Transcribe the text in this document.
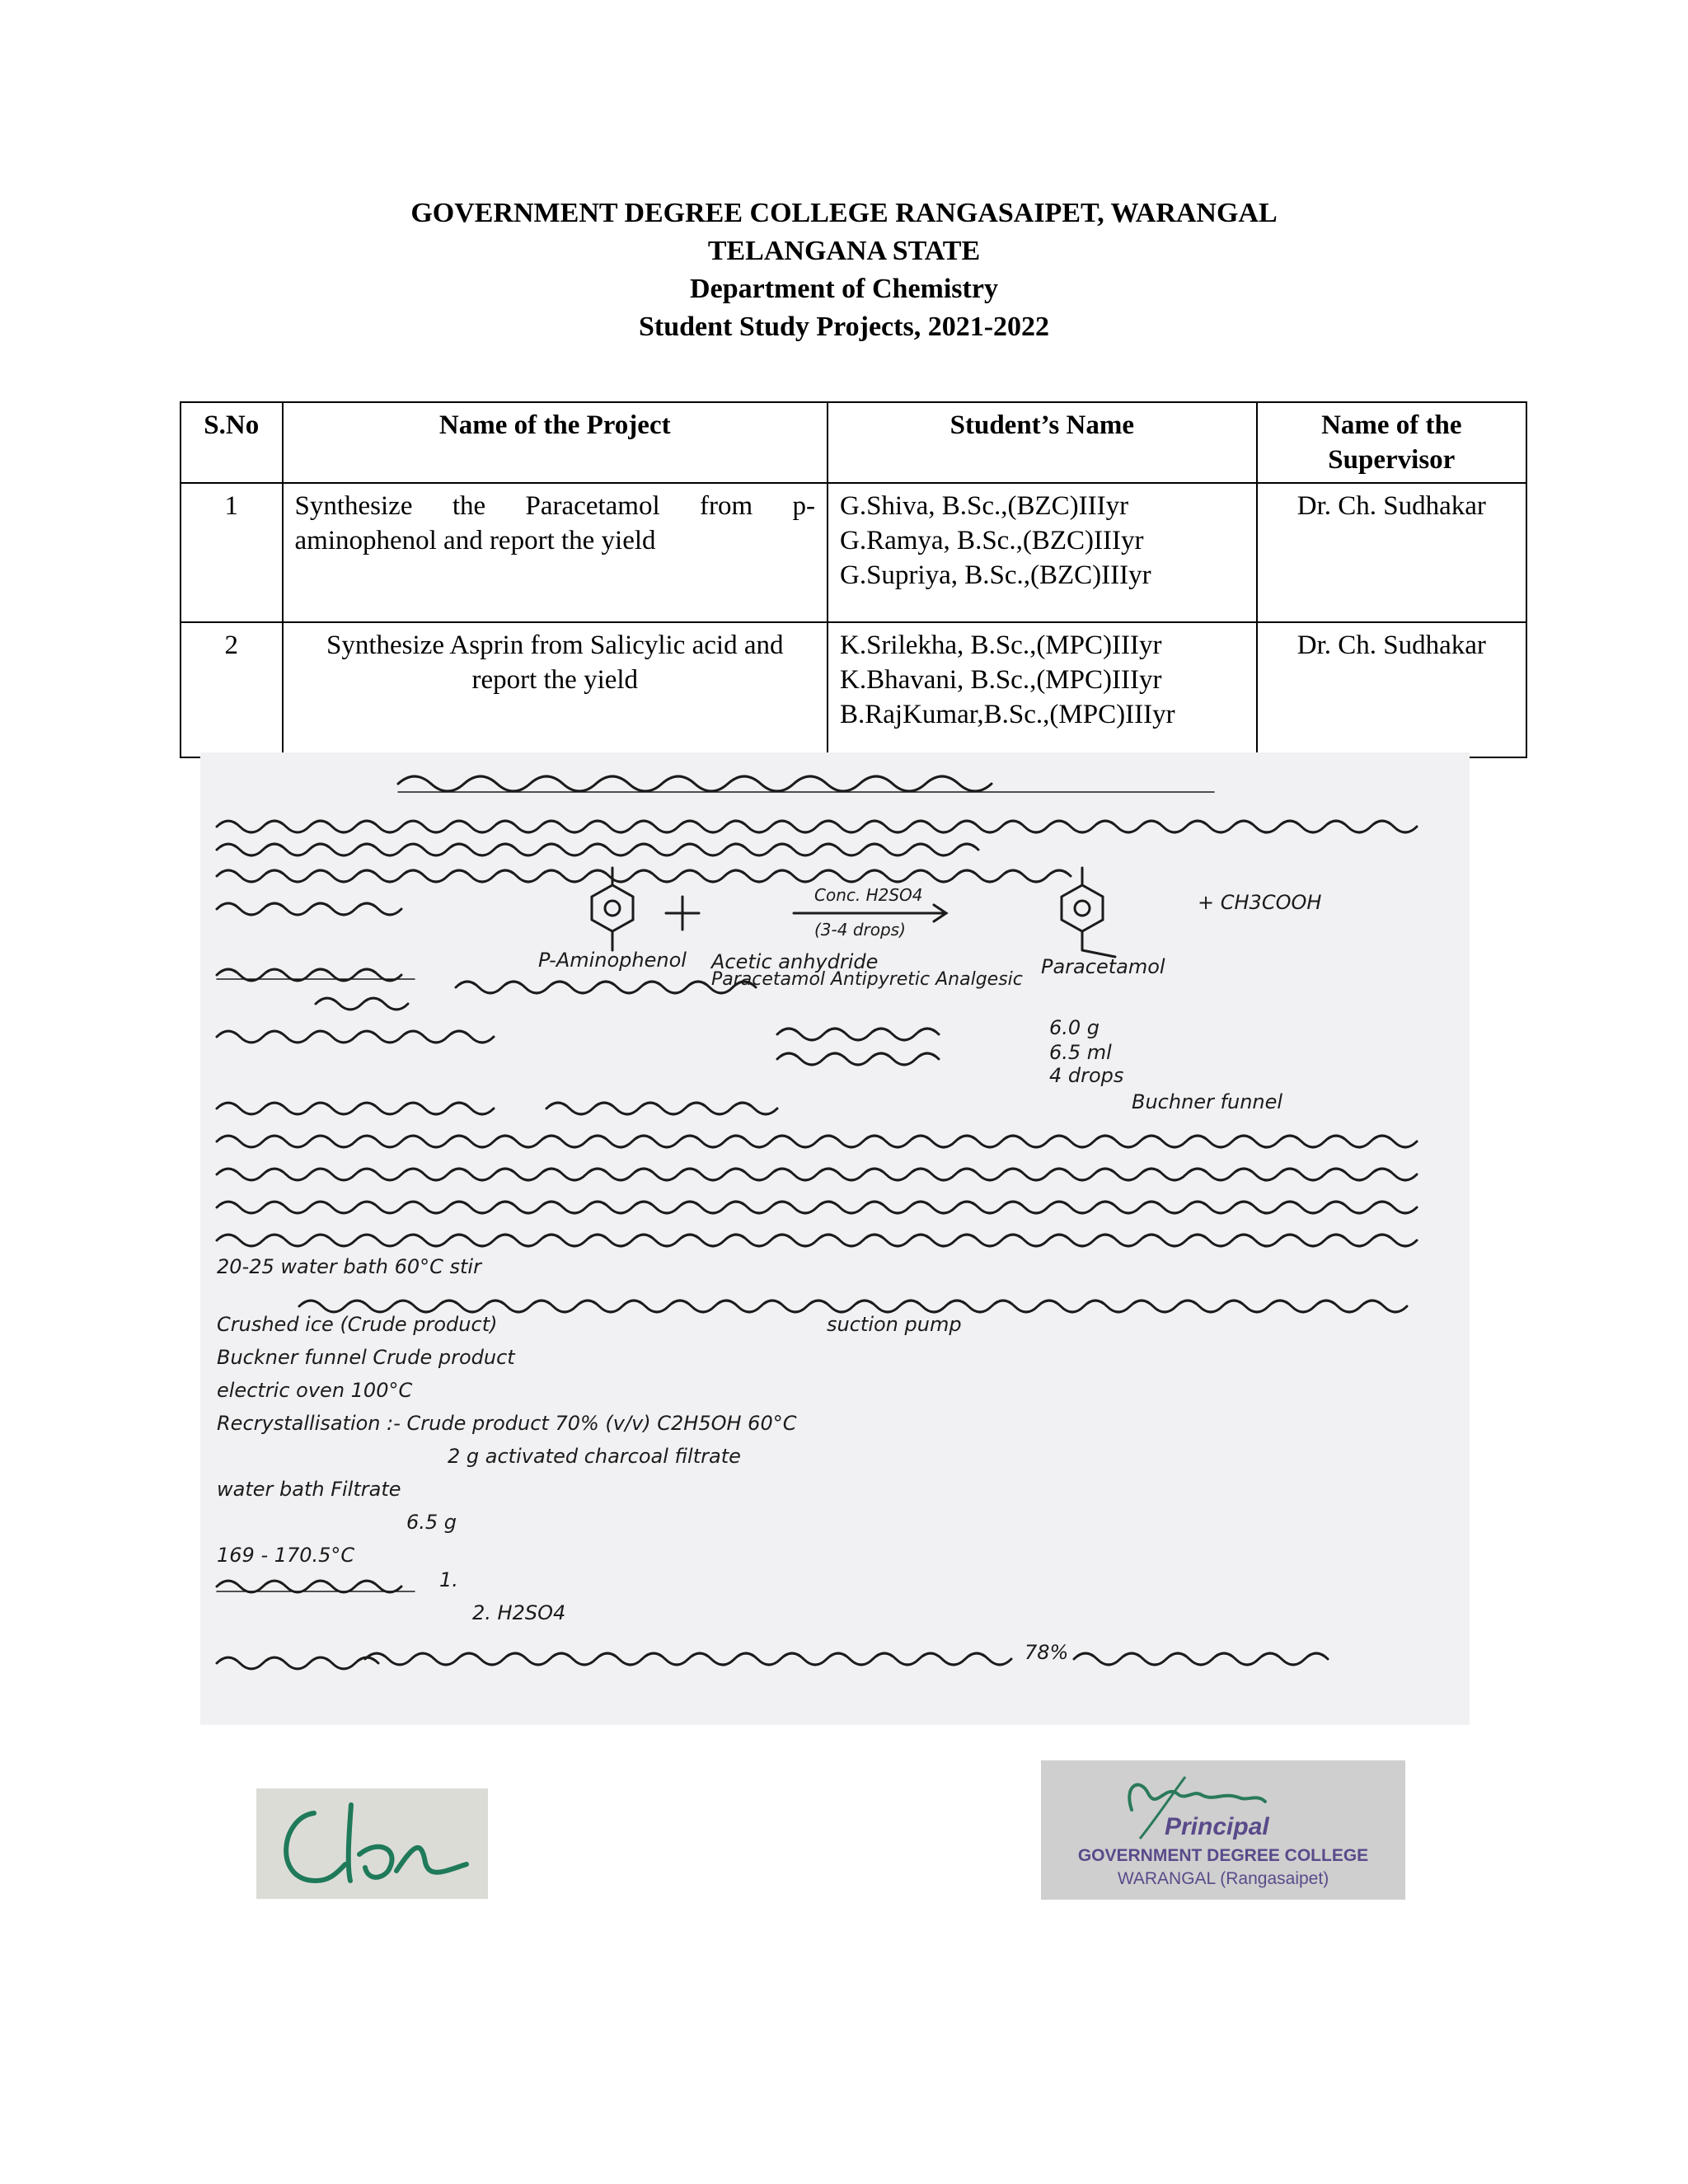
GOVERNMENT DEGREE COLLEGE RANGASAIPET, WARANGAL
TELANGANA STATE
Department of Chemistry
Student Study Projects, 2021-2022
S.No	Name of the Project	Student’s Name	Name of the Supervisor
1	Synthesize the Paracetamol from p-aminophenol and report the yield	G.Shiva, B.Sc.,(BZC)IIIyr
G.Ramya, B.Sc.,(BZC)IIIyr
G.Supriya, B.Sc.,(BZC)IIIyr	Dr. Ch. Sudhakar
2	Synthesize Asprin from Salicylic acid and report the yield	K.Srilekha, B.Sc.,(MPC)IIIyr
K.Bhavani, B.Sc.,(MPC)IIIyr
B.RajKumar,B.Sc.,(MPC)IIIyr	Dr. Ch. Sudhakar
P-Aminophenol Acetic anhydride	Paracetamol
Conc. H2SO4
(3-4 drops)
+ CH3COOH
Paracetamol Antipyretic Analgesic
6.0 g
6.5 ml
4 drops
Buchner funnel
20-25 water bath 60°C stir
Crushed ice (Crude product)	suction pump
Buckner funnel Crude product
electric oven 100°C
Recrystallisation :- Crude product 70% (v/v) C2H5OH 60°C
2 g activated charcoal filtrate
water bath Filtrate
6.5 g
169 - 170.5°C
1.
2. H2SO4
78%
Principal
GOVERNMENT DEGREE COLLEGE
WARANGAL (Rangasaipet)
